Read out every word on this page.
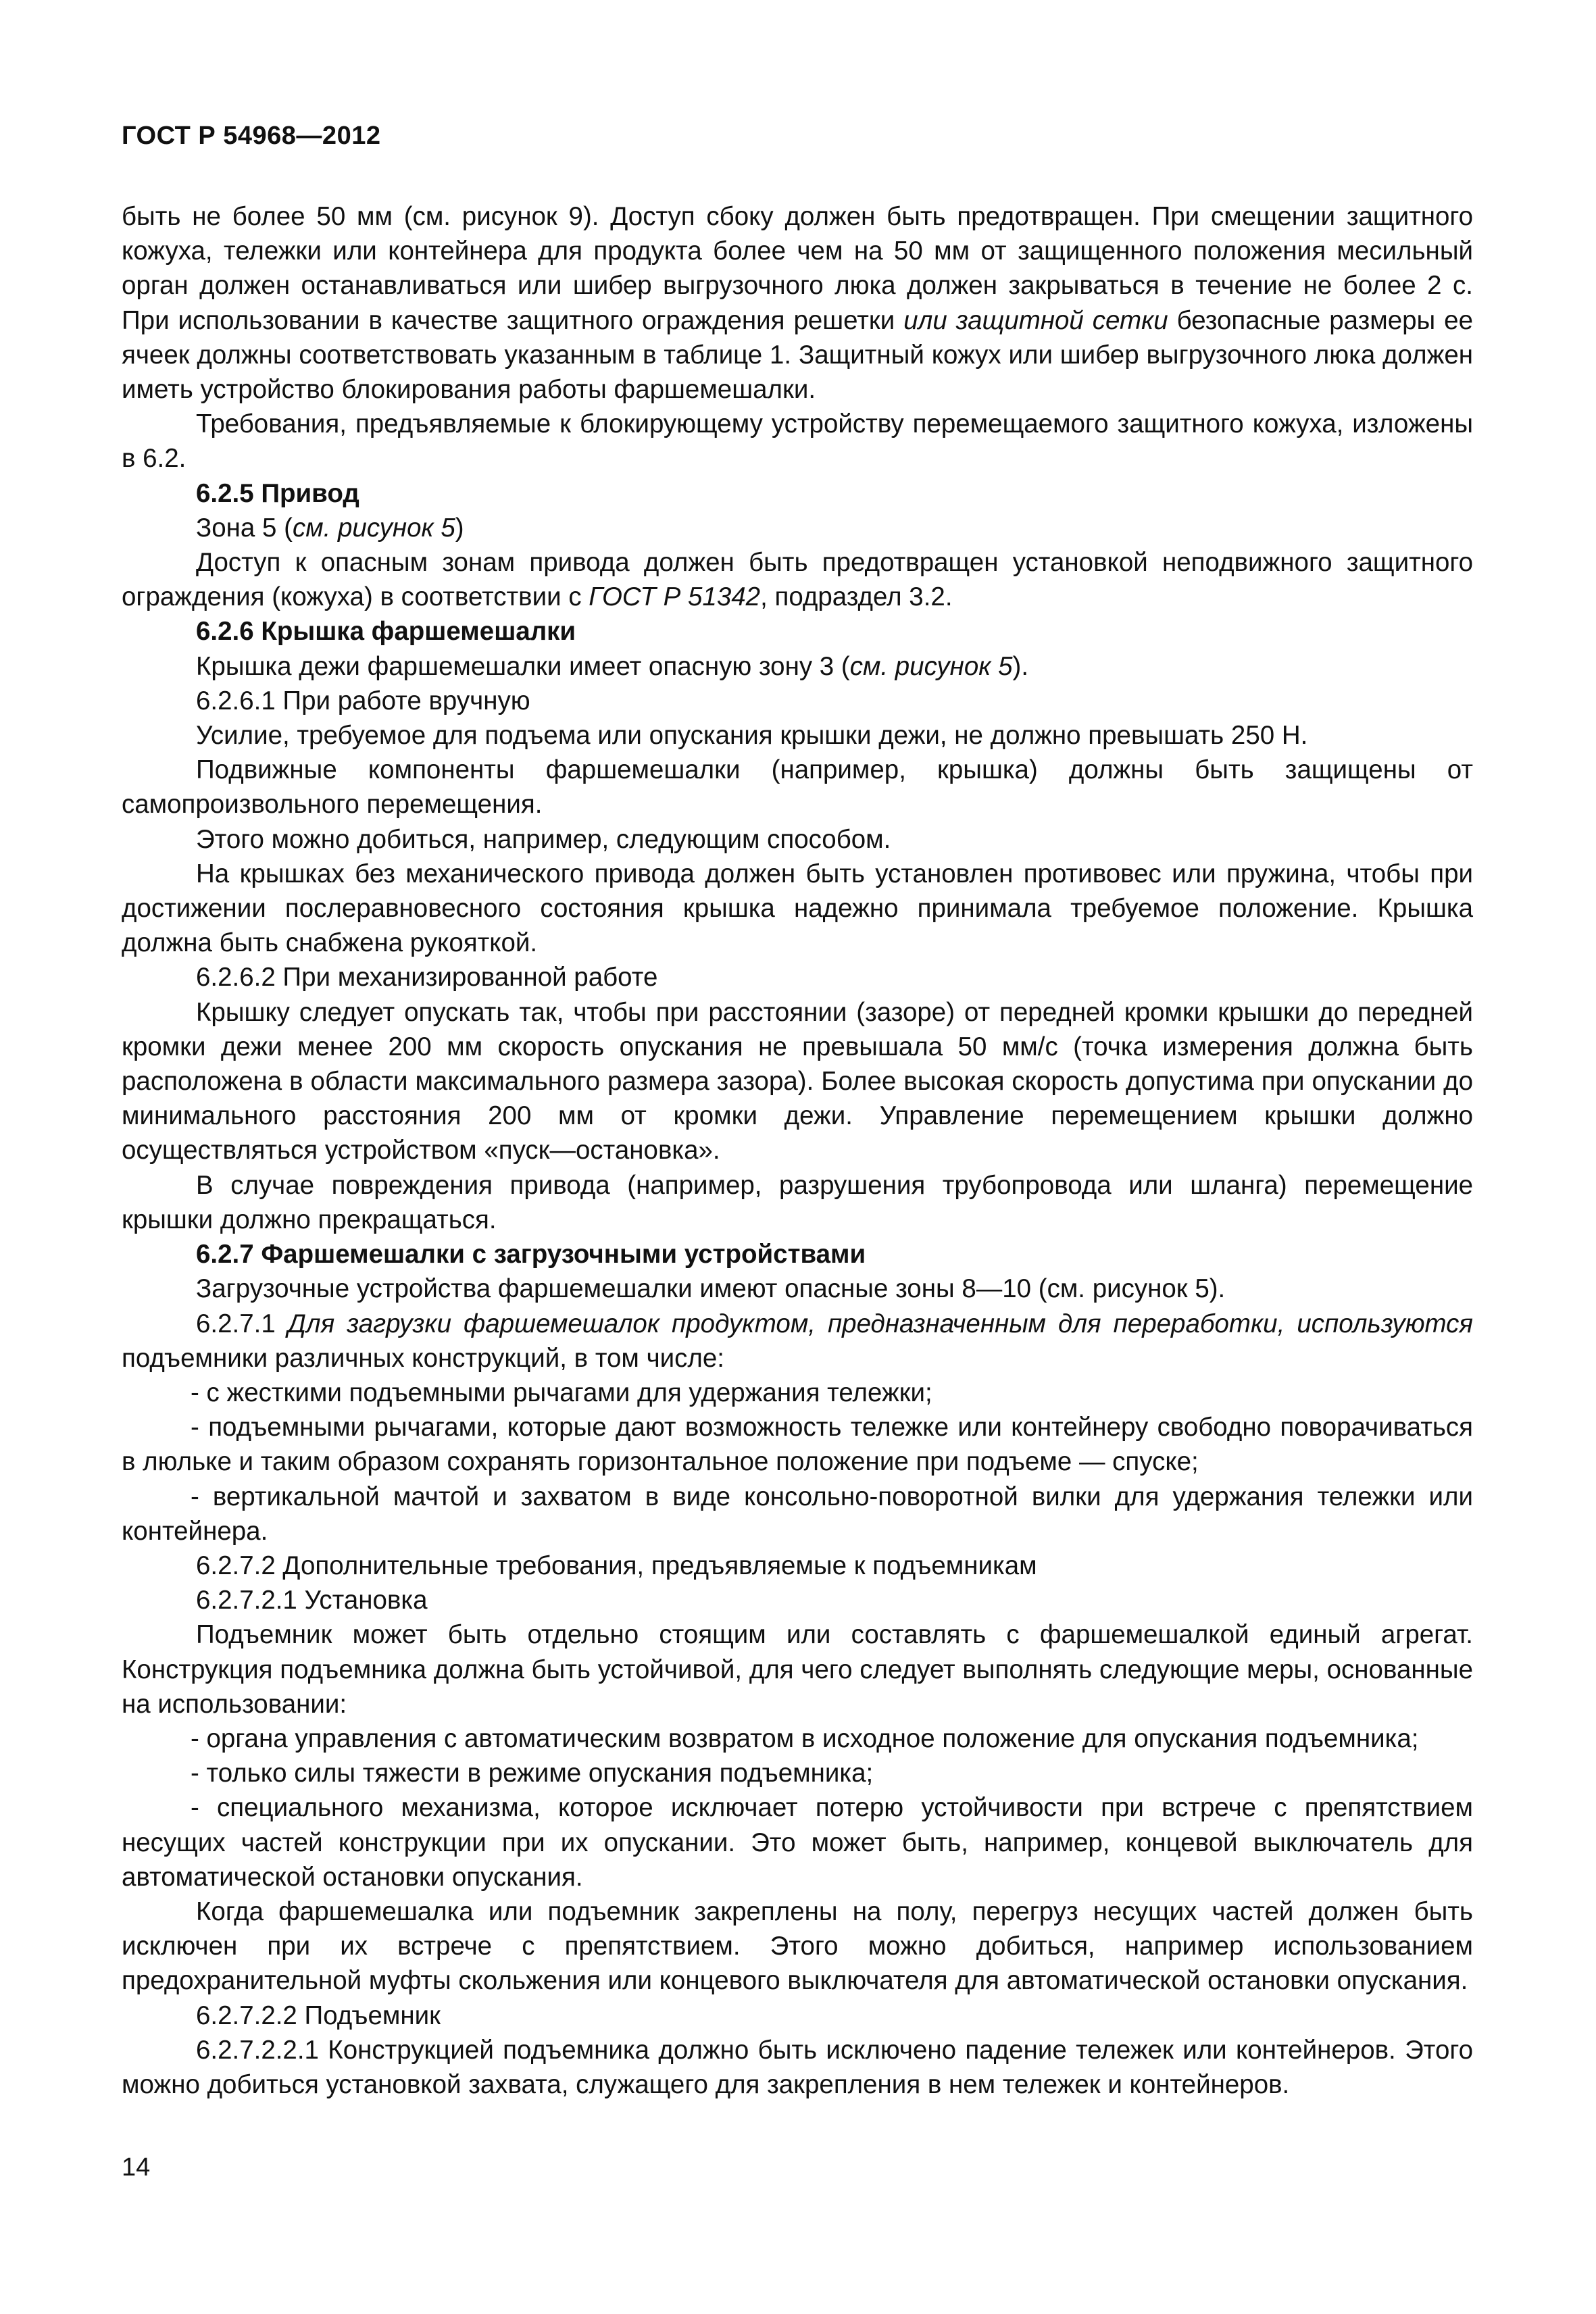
ГОСТ Р 54968—2012

быть не более 50 мм (см. рисунок 9). Доступ сбоку должен быть предотвращен. При смещении защитного кожуха, тележки или контейнера для продукта более чем на 50 мм от защищенного положения месильный орган должен останавливаться или шибер выгрузочного люка должен закрываться в течение не более 2 с. При использовании в качестве защитного ограждения решетки или защитной сетки безопасные размеры ее ячеек должны соответствовать указанным в таблице 1. Защитный кожух или шибер выгрузочного люка должен иметь устройство блокирования работы фаршемешалки.

Требования, предъявляемые к блокирующему устройству перемещаемого защитного кожуха, изложены в 6.2.

6.2.5 Привод

Зона 5 (см. рисунок 5)

Доступ к опасным зонам привода должен быть предотвращен установкой неподвижного защитного ограждения (кожуха) в соответствии с ГОСТ Р 51342, подраздел 3.2.

6.2.6 Крышка фаршемешалки

Крышка дежи фаршемешалки имеет опасную зону 3 (см. рисунок 5).

6.2.6.1 При работе вручную

Усилие, требуемое для подъема или опускания крышки дежи, не должно превышать 250 Н.

Подвижные компоненты фаршемешалки (например, крышка) должны быть защищены от самопроизвольного перемещения.

Этого можно добиться, например, следующим способом.

На крышках без механического привода должен быть установлен противовес или пружина, чтобы при достижении послеравновесного состояния крышка надежно принимала требуемое положение. Крышка должна быть снабжена рукояткой.

6.2.6.2 При механизированной работе

Крышку следует опускать так, чтобы при расстоянии (зазоре) от передней кромки крышки до передней кромки дежи менее 200 мм скорость опускания не превышала 50 мм/с (точка измерения должна быть расположена в области максимального размера зазора). Более высокая скорость допустима при опускании до минимального расстояния 200 мм от кромки дежи. Управление перемещением крышки должно осуществляться устройством «пуск—остановка».

В случае повреждения привода (например, разрушения трубопровода или шланга) перемещение крышки должно прекращаться.

6.2.7 Фаршемешалки с загрузочными устройствами

Загрузочные устройства фаршемешалки имеют опасные зоны 8—10 (см. рисунок 5).

6.2.7.1 Для загрузки фаршемешалок продуктом, предназначенным для переработки, используются подъемники различных конструкций, в том числе:

- с жесткими подъемными рычагами для удержания тележки;

- подъемными рычагами, которые дают возможность тележке или контейнеру свободно поворачиваться в люльке и таким образом сохранять горизонтальное положение при подъеме — спуске;

- вертикальной мачтой и захватом в виде консольно-поворотной вилки для удержания тележки или контейнера.

6.2.7.2 Дополнительные требования, предъявляемые к подъемникам

6.2.7.2.1 Установка

Подъемник может быть отдельно стоящим или составлять с фаршемешалкой единый агрегат. Конструкция подъемника должна быть устойчивой, для чего следует выполнять следующие меры, основанные на использовании:

- органа управления с автоматическим возвратом в исходное положение для опускания подъемника;

- только силы тяжести в режиме опускания подъемника;

- специального механизма, которое исключает потерю устойчивости при встрече с препятствием несущих частей конструкции при их опускании. Это может быть, например, концевой выключатель для автоматической остановки опускания.

Когда фаршемешалка или подъемник закреплены на полу, перегруз несущих частей должен быть исключен при их встрече с препятствием. Этого можно добиться, например использованием предохранительной муфты скольжения или концевого выключателя для автоматической остановки опускания.

6.2.7.2.2 Подъемник

6.2.7.2.2.1 Конструкцией подъемника должно быть исключено падение тележек или контейнеров. Этого можно добиться установкой захвата, служащего для закрепления в нем тележек и контейнеров.

14
